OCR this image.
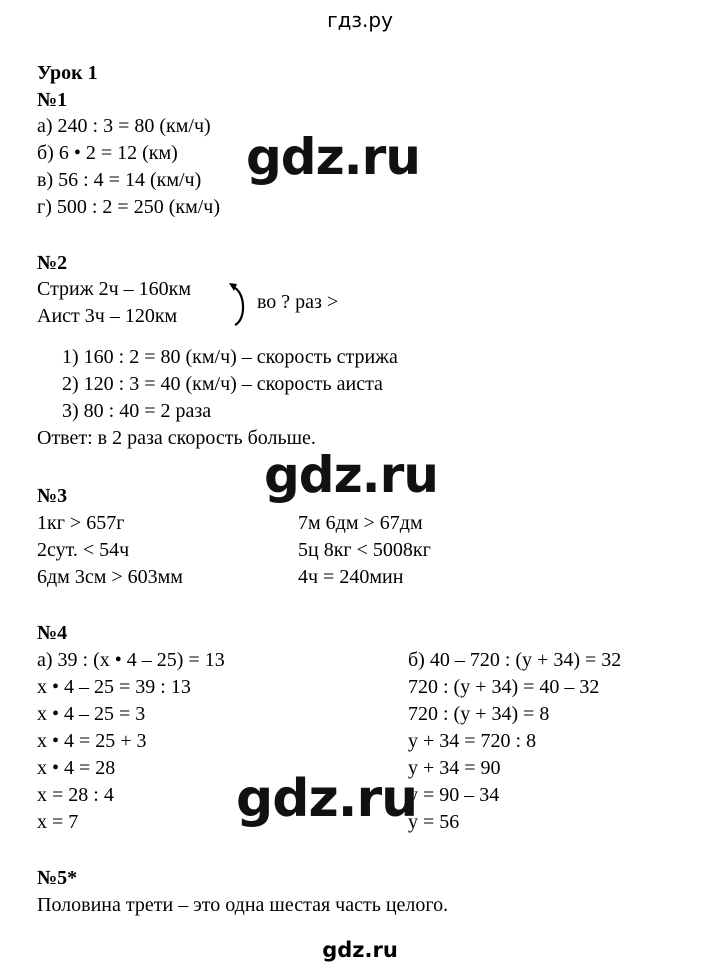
гдз.ру
Урок 1
№1
а) 240 : 3 = 80 (км/ч)
б) 6 • 2 = 12 (км)
в) 56 : 4 = 14 (км/ч)
г) 500 : 2 = 250 (км/ч)
gdz.ru
№2
Стриж 2ч – 160км
Аист 3ч – 120км
во ? раз >
1) 160 : 2 = 80 (км/ч) – скорость стрижа
2) 120 : 3 = 40 (км/ч) – скорость аиста
3) 80 : 40 = 2 раза
Ответ: в 2 раза скорость больше.
gdz.ru
№3
1кг > 657г
2сут. < 54ч
6дм 3см > 603мм
7м 6дм > 67дм
5ц 8кг < 5008кг
4ч = 240мин
№4
а) 39 : (x • 4 – 25) = 13
x • 4 – 25 = 39 : 13
x • 4 – 25 = 3
x • 4 = 25 + 3
x • 4 = 28
x = 28 : 4
x = 7
б) 40 – 720 : (y + 34) = 32
720 : (y + 34) = 40 – 32
720 : (y + 34) = 8
y + 34 = 720 : 8
y + 34 = 90
y = 90 – 34
y = 56
gdz.ru
№5*
Половина трети – это одна шестая часть целого.
gdz.ru
